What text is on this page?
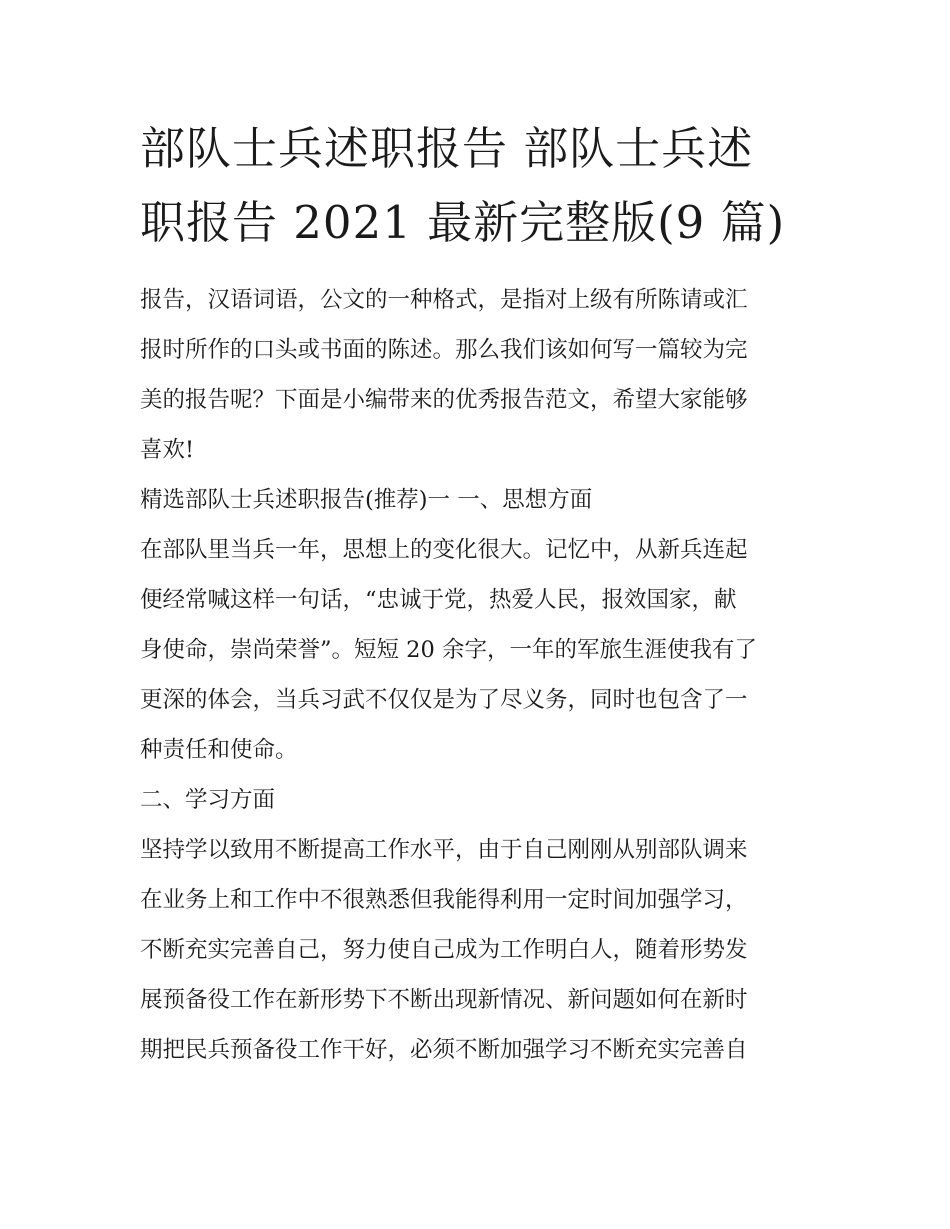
部队士兵述职报告 部队士兵述
职报告 2021 最新完整版(9 篇)
报告，汉语词语，公文的一种格式，是指对上级有所陈请或汇
报时所作的口头或书面的陈述。那么我们该如何写一篇较为完
美的报告呢？下面是小编带来的优秀报告范文，希望大家能够
喜欢!
精选部队士兵述职报告(推荐)一 一、思想方面
在部队里当兵一年，思想上的变化很大。记忆中，从新兵连起
便经常喊这样一句话，“忠诚于党，热爱人民，报效国家，献
身使命，崇尚荣誉”。短短 20 余字，一年的军旅生涯使我有了
更深的体会，当兵习武不仅仅是为了尽义务，同时也包含了一
种责任和使命。
二、学习方面
坚持学以致用不断提高工作水平，由于自己刚刚从别部队调来
在业务上和工作中不很熟悉但我能得利用一定时间加强学习，
不断充实完善自己，努力使自己成为工作明白人，随着形势发
展预备役工作在新形势下不断出现新情况、新问题如何在新时
期把民兵预备役工作干好，必须不断加强学习不断充实完善自
